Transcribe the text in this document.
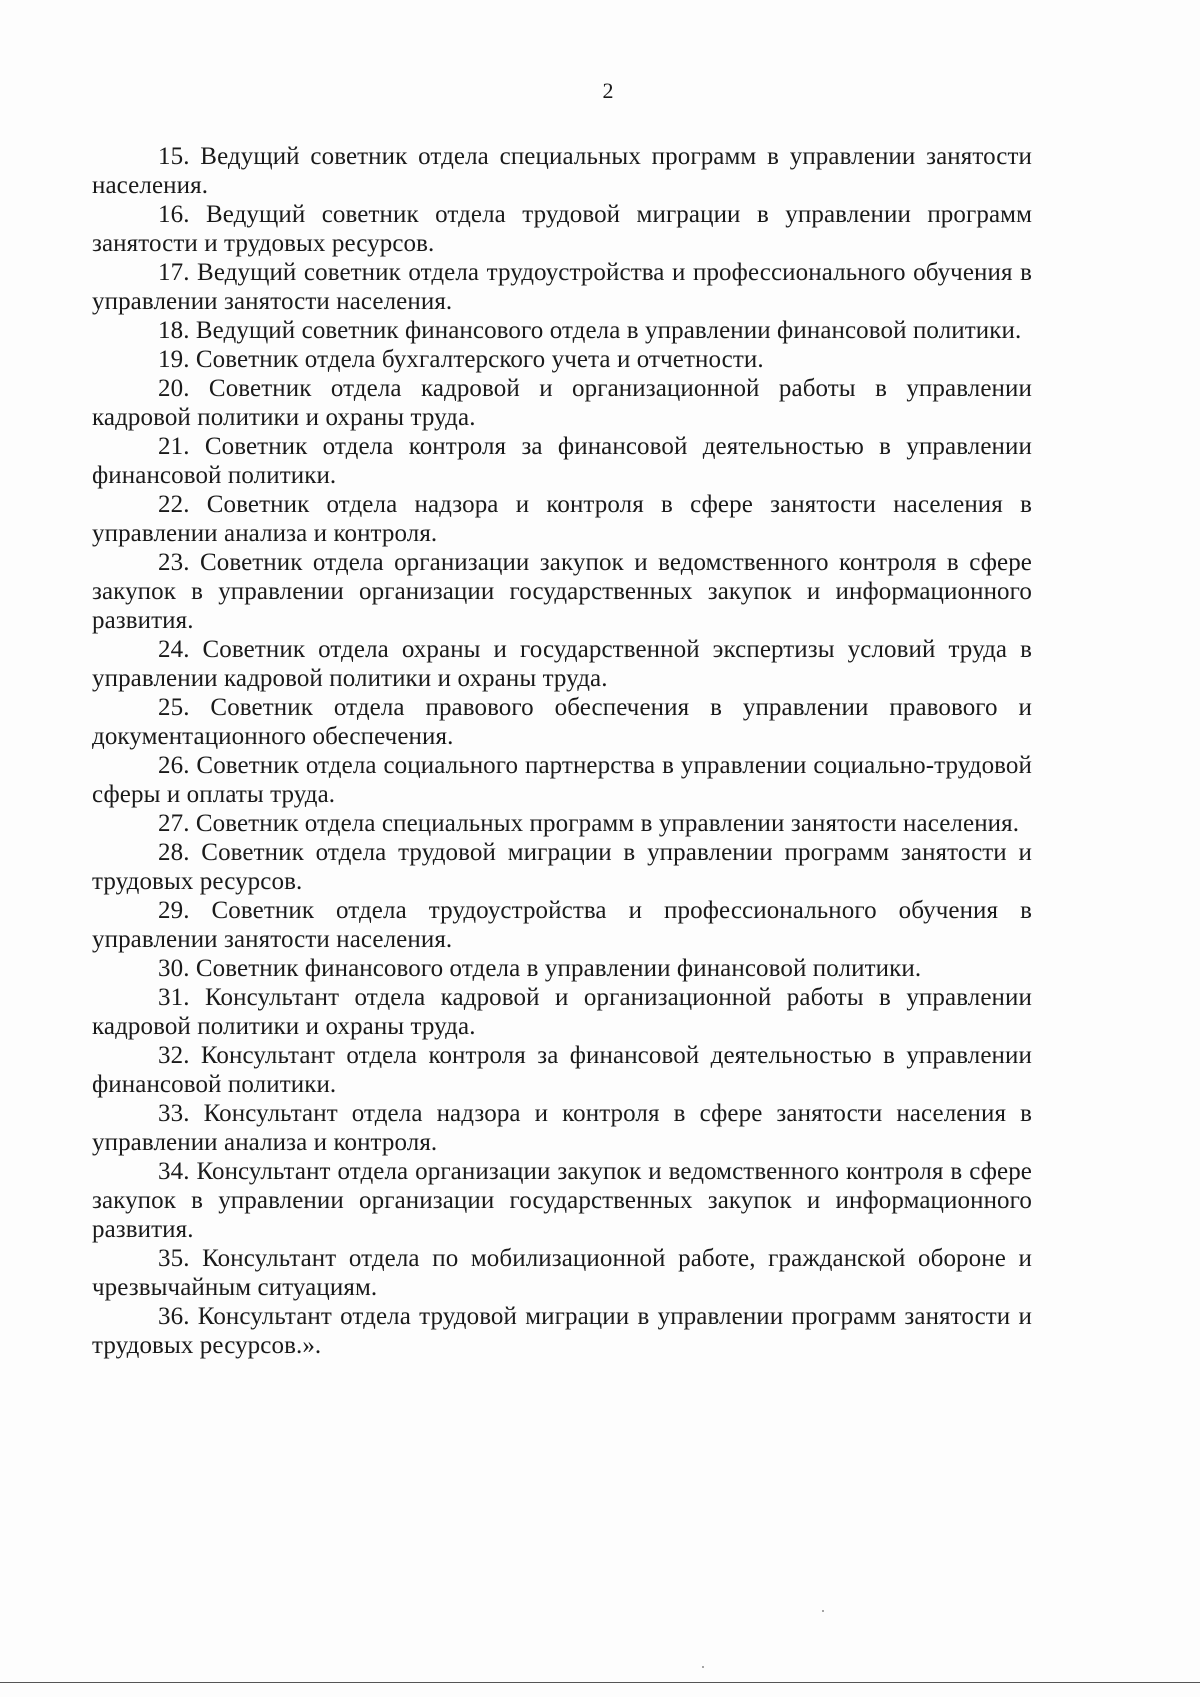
2

15. Ведущий советник отдела специальных программ в управлении занятости населения.

16. Ведущий советник отдела трудовой миграции в управлении программ занятости и трудовых ресурсов.

17. Ведущий советник отдела трудоустройства и профессионального обучения в управлении занятости населения.

18. Ведущий советник финансового отдела в управлении финансовой политики.

19. Советник отдела бухгалтерского учета и отчетности.

20. Советник отдела кадровой и организационной работы в управлении кадровой политики и охраны труда.

21. Советник отдела контроля за финансовой деятельностью в управлении финансовой политики.

22. Советник отдела надзора и контроля в сфере занятости населения в управлении анализа и контроля.

23. Советник отдела организации закупок и ведомственного контроля в сфере закупок в управлении организации государственных закупок и информационного развития.

24. Советник отдела охраны и государственной экспертизы условий труда в управлении кадровой политики и охраны труда.

25. Советник отдела правового обеспечения в управлении правового и документационного обеспечения.

26. Советник отдела социального партнерства в управлении социально-трудовой сферы и оплаты труда.

27. Советник отдела специальных программ в управлении занятости населения.

28. Советник отдела трудовой миграции в управлении программ занятости и трудовых ресурсов.

29. Советник отдела трудоустройства и профессионального обучения в управлении занятости населения.

30. Советник финансового отдела в управлении финансовой политики.

31. Консультант отдела кадровой и организационной работы в управлении кадровой политики и охраны труда.

32. Консультант отдела контроля за финансовой деятельностью в управлении финансовой политики.

33. Консультант отдела надзора и контроля в сфере занятости населения в управлении анализа и контроля.

34. Консультант отдела организации закупок и ведомственного контроля в сфере закупок в управлении организации государственных закупок и информационного развития.

35. Консультант отдела по мобилизационной работе, гражданской обороне и чрезвычайным ситуациям.

36. Консультант отдела трудовой миграции в управлении программ занятости и трудовых ресурсов.».
